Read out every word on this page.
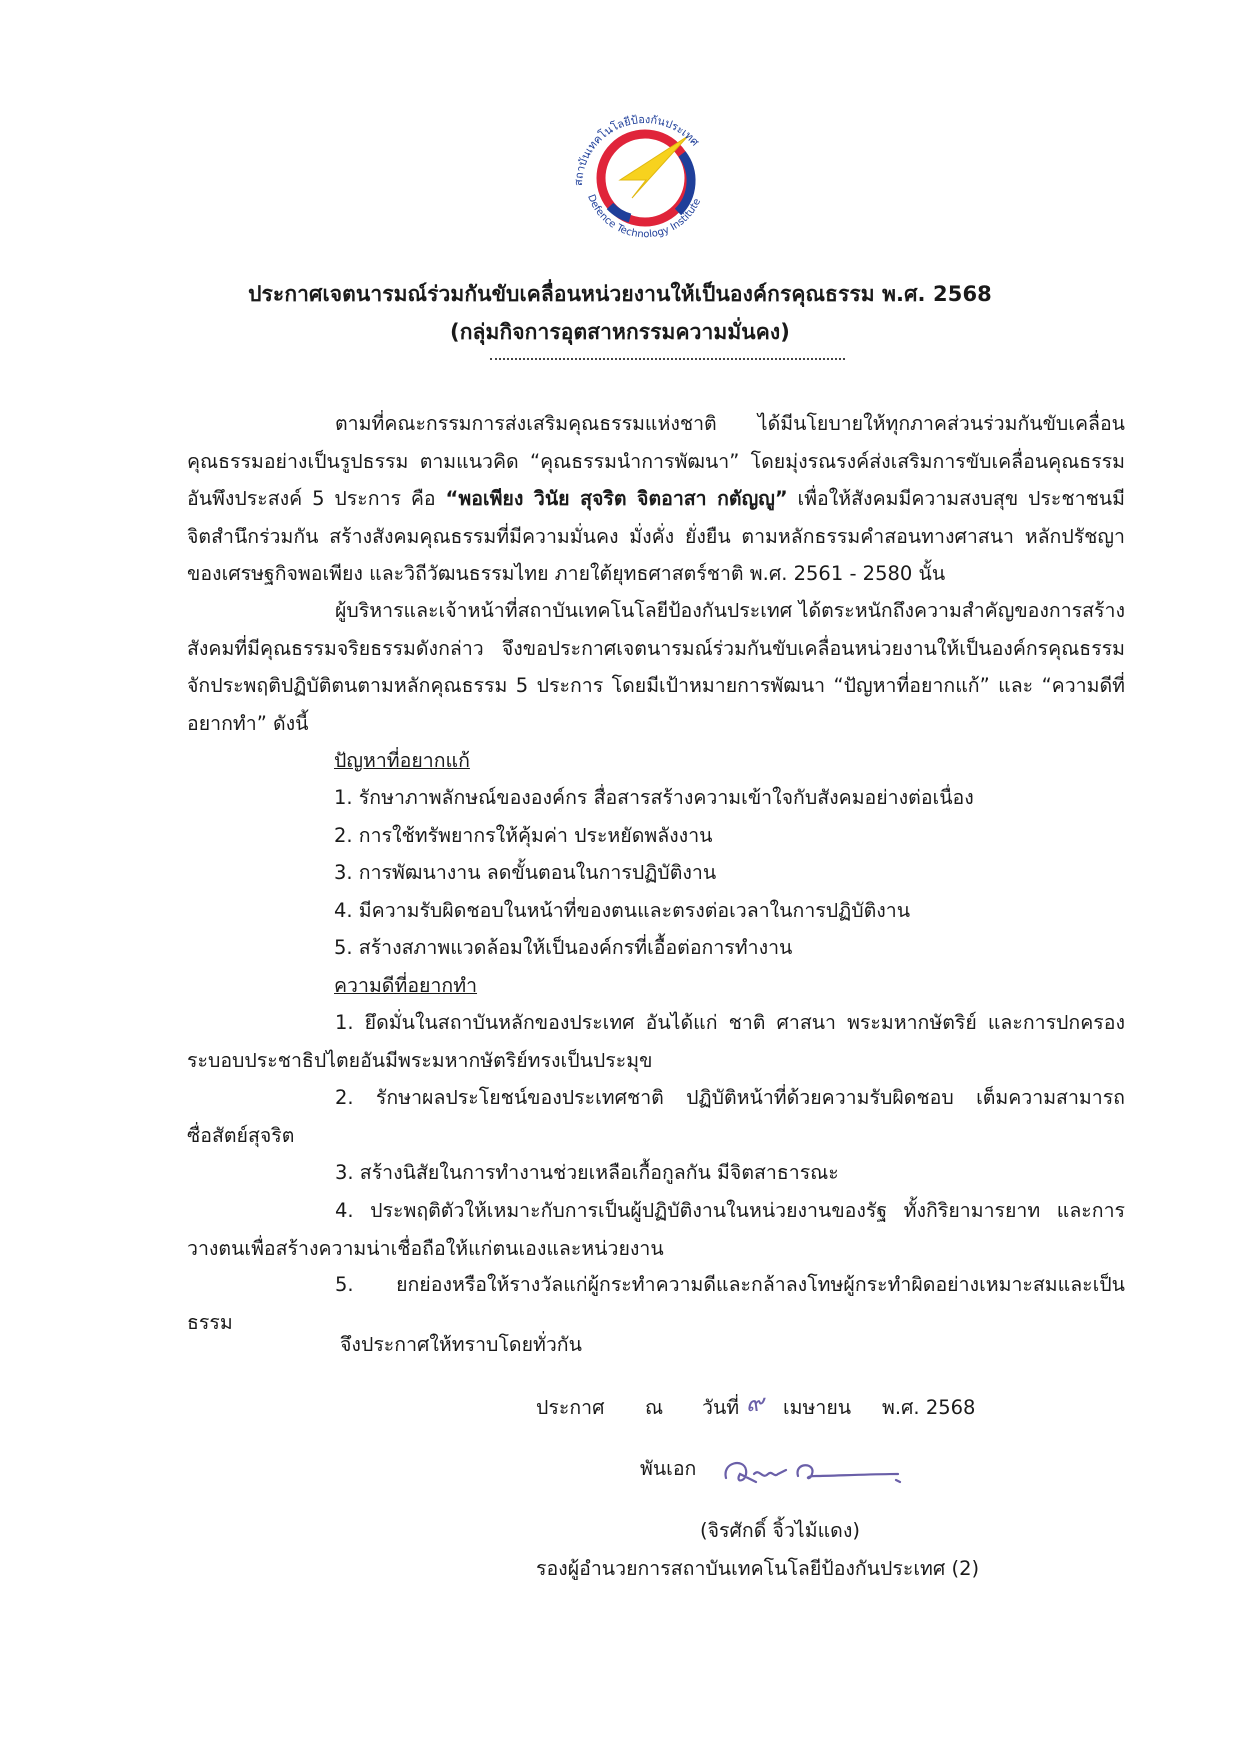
สถาบันเทคโนโลยีป้องกันประเทศ
Defence Technology Institute
ประกาศเจตนารมณ์ร่วมกันขับเคลื่อนหน่วยงานให้เป็นองค์กรคุณธรรม พ.ศ. 2568
(กลุ่มกิจการอุตสาหกรรมความมั่นคง)

ตามที่คณะกรรมการส่งเสริมคุณธรรมแห่งชาติ ได้มีนโยบายให้ทุกภาคส่วนร่วมกันขับเคลื่อนคุณธรรมอย่างเป็นรูปธรรม ตามแนวคิด “คุณธรรมนำการพัฒนา” โดยมุ่งรณรงค์ส่งเสริมการขับเคลื่อนคุณธรรมอันพึงประสงค์ 5 ประการ คือ “พอเพียง วินัย สุจริต จิตอาสา กตัญญู” เพื่อให้สังคมมีความสงบสุข ประชาชนมีจิตสำนึกร่วมกัน สร้างสังคมคุณธรรมที่มีความมั่นคง มั่งคั่ง ยั่งยืน ตามหลักธรรมคำสอนทางศาสนา หลักปรัชญาของเศรษฐกิจพอเพียง และวิถีวัฒนธรรมไทย ภายใต้ยุทธศาสตร์ชาติ พ.ศ. 2561 - 2580 นั้น

ผู้บริหารและเจ้าหน้าที่สถาบันเทคโนโลยีป้องกันประเทศ ได้ตระหนักถึงความสำคัญของการสร้างสังคมที่มีคุณธรรมจริยธรรมดังกล่าว จึงขอประกาศเจตนารมณ์ร่วมกันขับเคลื่อนหน่วยงานให้เป็นองค์กรคุณธรรม จักประพฤติปฏิบัติตนตามหลักคุณธรรม 5 ประการ โดยมีเป้าหมายการพัฒนา “ปัญหาที่อยากแก้” และ “ความดีที่อยากทำ” ดังนี้

ปัญหาที่อยากแก้

1. รักษาภาพลักษณ์ขององค์กร สื่อสารสร้างความเข้าใจกับสังคมอย่างต่อเนื่อง

2. การใช้ทรัพยากรให้คุ้มค่า ประหยัดพลังงาน

3. การพัฒนางาน ลดขั้นตอนในการปฏิบัติงาน

4. มีความรับผิดชอบในหน้าที่ของตนและตรงต่อเวลาในการปฏิบัติงาน

5. สร้างสภาพแวดล้อมให้เป็นองค์กรที่เอื้อต่อการทำงาน

ความดีที่อยากทำ

1. ยึดมั่นในสถาบันหลักของประเทศ อันได้แก่ ชาติ ศาสนา พระมหากษัตริย์ และการปกครองระบอบประชาธิปไตยอันมีพระมหากษัตริย์ทรงเป็นประมุข

2. รักษาผลประโยชน์ของประเทศชาติ ปฏิบัติหน้าที่ด้วยความรับผิดชอบ เต็มความสามารถ ซื่อสัตย์สุจริต

3. สร้างนิสัยในการทำงานช่วยเหลือเกื้อกูลกัน มีจิตสาธารณะ

4. ประพฤติตัวให้เหมาะกับการเป็นผู้ปฏิบัติงานในหน่วยงานของรัฐ ทั้งกิริยามารยาท และการวางตนเพื่อสร้างความน่าเชื่อถือให้แก่ตนเองและหน่วยงาน

5. ยกย่องหรือให้รางวัลแก่ผู้กระทำความดีและกล้าลงโทษผู้กระทำผิดอย่างเหมาะสมและเป็นธรรม

จึงประกาศให้ทราบโดยทั่วกัน

ประกาศ ณ วันที่ ๙ เมษายน พ.ศ. 2568

พันเอก

(จิรศักดิ์ จิ้วไม้แดง)

รองผู้อำนวยการสถาบันเทคโนโลยีป้องกันประเทศ (2)
